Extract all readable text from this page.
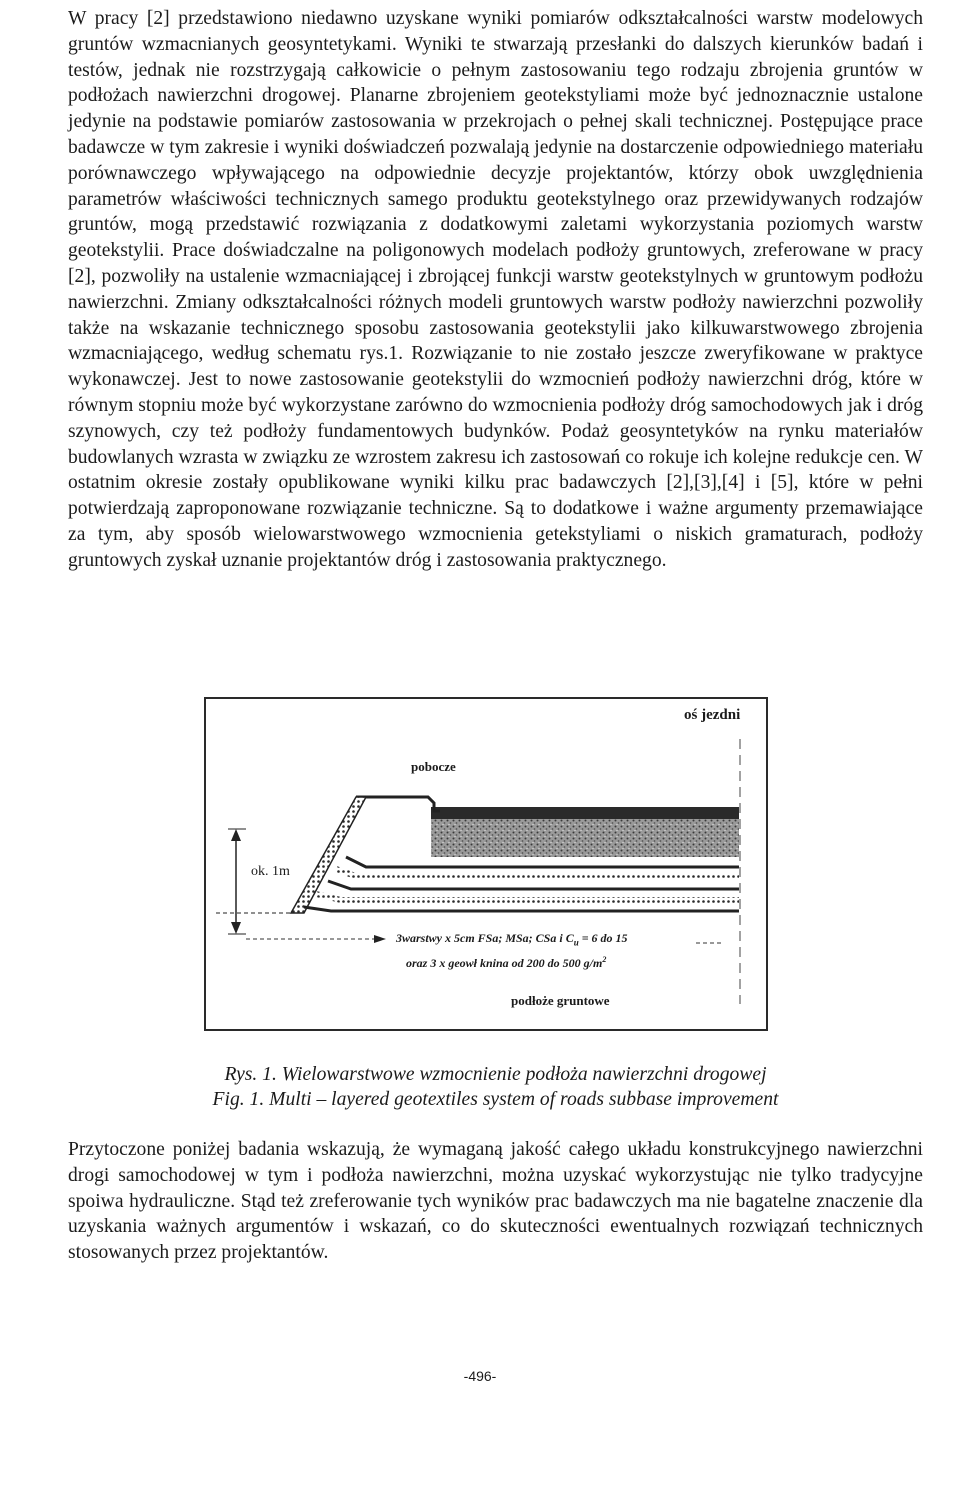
W pracy [2] przedstawiono niedawno uzyskane wyniki pomiarów odkształcalności warstw modelowych gruntów wzmacnianych geosyntetykami. Wyniki te stwarzają przesłanki do dalszych kierunków badań i testów, jednak nie rozstrzygają całkowicie o pełnym zastosowaniu tego rodzaju zbrojenia gruntów w podłożach nawierzchni drogowej. Planarne zbrojeniem geotekstyliami może być jednoznacznie ustalone jedynie na podstawie pomiarów zastosowania w przekrojach o pełnej skali technicznej. Postępujące prace badawcze w tym zakresie i wyniki doświadczeń pozwalają jedynie na dostarczenie odpowiedniego materiału porównawczego wpływającego na odpowiednie decyzje projektantów, którzy obok uwzględnienia parametrów właściwości technicznych samego produktu geotekstylnego oraz przewidywanych rodzajów gruntów, mogą przedstawić rozwiązania z dodatkowymi zaletami wykorzystania poziomych warstw geotekstylii. Prace doświadczalne na poligonowych modelach podłoży gruntowych, zreferowane w pracy [2], pozwoliły na ustalenie wzmacniającej i zbrojącej funkcji warstw geotekstylnych w gruntowym podłożu nawierzchni. Zmiany odkształcalności różnych modeli gruntowych warstw podłoży nawierzchni pozwoliły także na wskazanie technicznego sposobu zastosowania geotekstylii jako kilkuwarstwowego zbrojenia wzmacniającego, według schematu rys.1. Rozwiązanie to nie zostało jeszcze zweryfikowane w praktyce wykonawczej. Jest to nowe zastosowanie geotekstylii do wzmocnień podłoży nawierzchni dróg, które w równym stopniu może być wykorzystane zarówno do wzmocnienia podłoży dróg samochodowych jak i dróg szynowych, czy też podłoży fundamentowych budynków. Podaż geosyntetyków na rynku materiałów budowlanych wzrasta w związku ze wzrostem zakresu ich zastosowań co rokuje ich kolejne redukcje cen. W ostatnim okresie zostały opublikowane wyniki kilku prac badawczych [2],[3],[4] i [5], które w pełni potwierdzają zaproponowane rozwiązanie techniczne. Są to dodatkowe i ważne argumenty przemawiające za tym, aby sposób wielowarstwowego wzmocnienia getekstyliami o niskich gramaturach, podłoży gruntowych zyskał uznanie projektantów dróg i zastosowania praktycznego.

oś jezdni
pobocze
ok. 1m
3warstwy x 5cm FSa; MSa; CSa i $C_u = 6$ do 15
oraz 3 x geowł knina od 200 do 500 $g/m^2$
podłoże gruntowe

Rys. 1. Wielowarstwowe wzmocnienie podłoża nawierzchni drogowej

Fig. 1. Multi – layered geotextiles system of roads subbase improvement

Przytoczone poniżej badania wskazują, że wymaganą jakość całego układu konstrukcyjnego nawierzchni drogi samochodowej w tym i podłoża nawierzchni, można uzyskać wykorzystując nie tylko tradycyjne spoiwa hydrauliczne. Stąd też zreferowanie tych wyników prac badawczych ma nie bagatelne znaczenie dla uzyskania ważnych argumentów i wskazań, co do skuteczności ewentualnych rozwiązań technicznych stosowanych przez projektantów.

-496-
